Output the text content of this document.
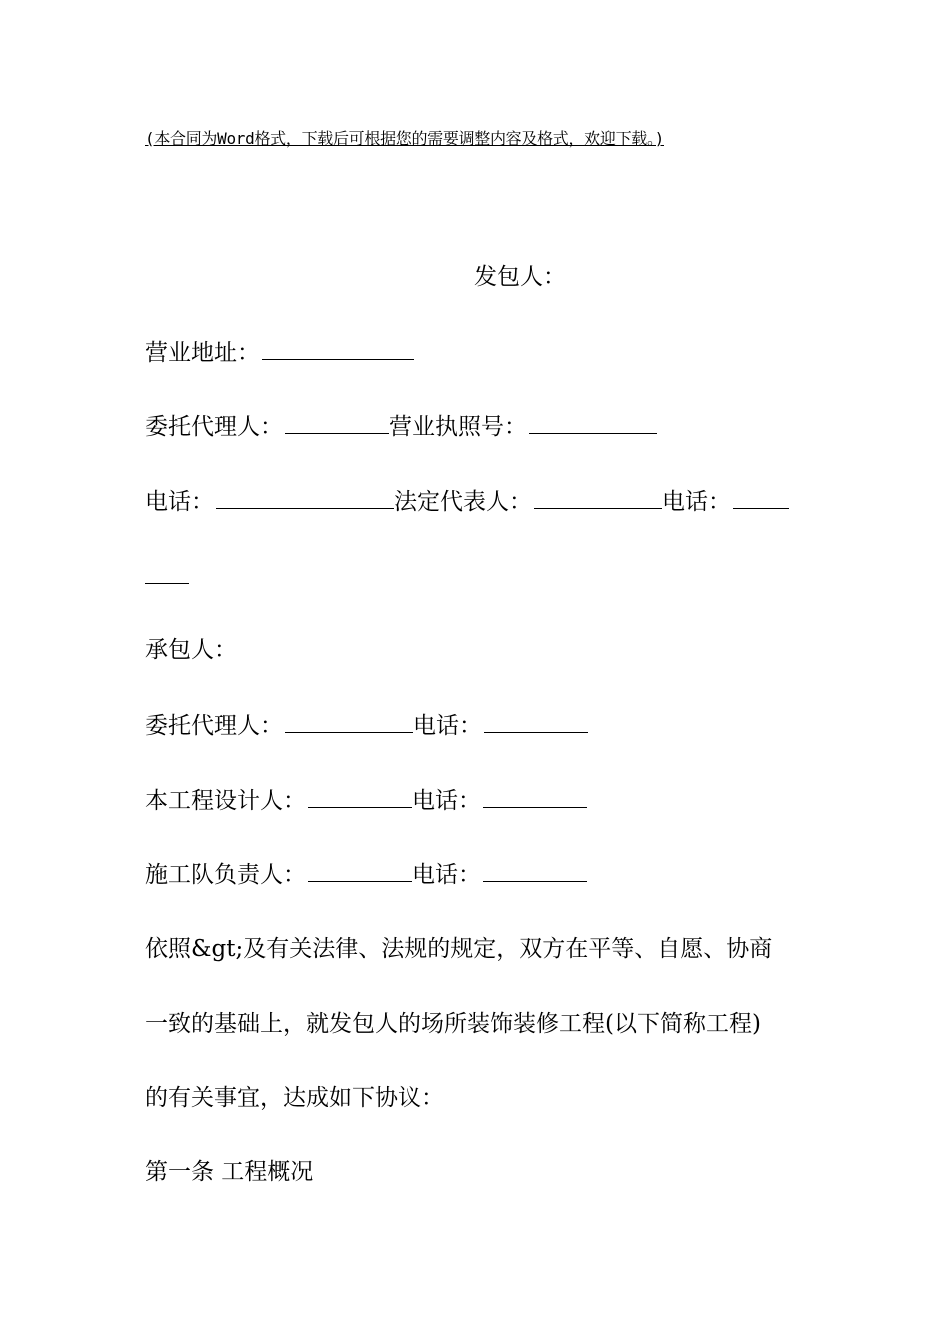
(本合同为Word格式，下载后可根据您的需要调整内容及格式，欢迎下载。)
发包人：
营业地址：
委托代理人：	营业执照号：
电话：	法定代表人：	电话：
承包人：
委托代理人：	电话：
本工程设计人：	电话：
施工队负责人：	电话：
依照&gt;及有关法律、法规的规定，双方在平等、自愿、协商
一致的基础上，就发包人的场所装饰装修工程(以下简称工程)
的有关事宜，达成如下协议：
第一条 工程概况
